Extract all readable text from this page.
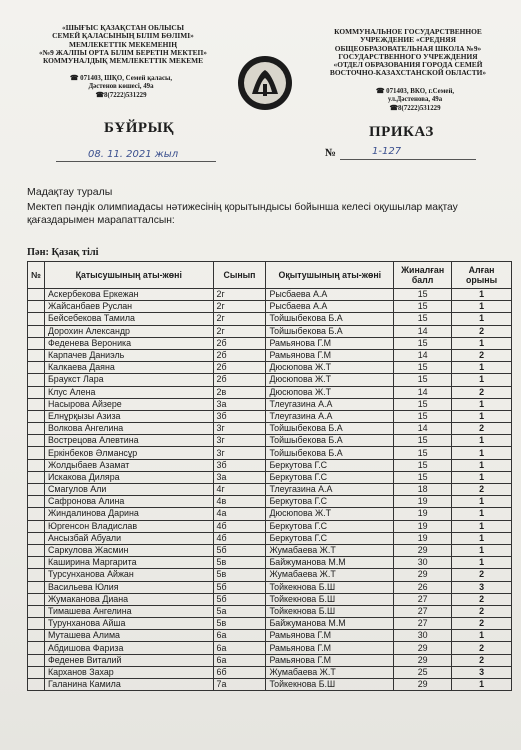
«ШЫҒЫС ҚАЗАҚСТАН ОБЛЫСЫ
СЕМЕЙ ҚАЛАСЫНЫҢ БІЛІМ БӨЛІМІ»
МЕМЛЕКЕТТІК МЕКЕМЕНІҢ
«№9 ЖАЛПЫ ОРТА БІЛІМ БЕРЕТІН МЕКТЕП»
КОММУНАЛДЫҚ МЕМЛЕКЕТТІК МЕКЕМЕ
☎ 071403, ШҚО, Семей қаласы,
Дәстенов көшесі, 49а
☎8(7222)531229
КОММУНАЛЬНОЕ ГОСУДАРСТВЕННОЕ
УЧРЕЖДЕНИЕ «СРЕДНЯЯ
ОБЩЕОБРАЗОВАТЕЛЬНАЯ ШКОЛА №9»
ГОСУДАРСТВЕННОГО УЧРЕЖДЕНИЯ
«ОТДЕЛ ОБРАЗОВАНИЯ ГОРОДА СЕМЕЙ
ВОСТОЧНО-КАЗАХСТАНСКОЙ ОБЛАСТИ»
☎ 071403, ВКО, г.Семей,
ул.Дәстенова, 49а
☎8(7222)531229
БҰЙРЫҚ	ПРИКАЗ
08. 11. 2021 жыл	№	1-127
Мадақтау туралы
Мектеп пәндік олимпиадасы нәтижесінің қорытындысы бойынша келесі оқушылар мақтау қағаздарымен марапатталсын:
Пән: Қазақ тілі
№	Қатысушының аты-жөні	Сынып	Оқытушының аты-жөні	Жиналған балл	Алған орыны
	Аскербекова Еркежан	2г	Рысбаева А.А	15	1
	Жайсанбаев Руслан	2г	Рысбаева А.А	15	1
	Бейсебекова Тамила	2г	Тойшыбекова Б.А	15	1
	Дорохин Александр	2г	Тойшыбекова Б.А	14	2
	Феденева Вероника	2б	Рамьянова Г.М	15	1
	Карпачев Даниэль	2б	Рамьянова Г.М	14	2
	Калкаева Даяна	2б	Дюсюпова Ж.Т	15	1
	Браукст Лара	2б	Дюсюпова Ж.Т	15	1
	Клус Алена	2в	Дюсюпова Ж.Т	14	2
	Насырова Айзере	3а	Тлеугазина А.А	15	1
	Елнұрқызы Азиза	3б	Тлеугазина А.А	15	1
	Волкова Ангелина	3г	Тойшыбекова Б.А	14	2
	Вострецова Алевтина	3г	Тойшыбекова Б.А	15	1
	Еркінбеков Әлмансұр	3г	Тойшыбекова Б.А	15	1
	Жолдыбаев Азамат	3б	Беркутова Г.С	15	1
	Искакова Диляра	3а	Беркутова Г.С	15	1
	Смагулов Али	4г	Тлеугазина А.А	18	2
	Сафронова Алина	4в	Беркутова Г.С	19	1
	Жиндалинова Дарина	4а	Дюсюпова Ж.Т	19	1
	Юргенсон Владислав	4б	Беркутова Г.С	19	1
	Ансызбай Абуали	4б	Беркутова Г.С	19	1
	Саркулова Жасмин	5б	Жумабаева Ж.Т	29	1
	Каширина Маргарита	5в	Байжуманова М.М	30	1
	Турсунханова Айжан	5в	Жумабаева Ж.Т	29	2
	Васильева Юлия	5б	Тойкекнова Б.Ш	26	3
	Жумаканова Диана	5б	Тойкекнова Б.Ш	27	2
	Тимашева Ангелина	5а	Тойкекнова Б.Ш	27	2
	Турунханова Айша	5в	Байжуманова М.М	27	2
	Муташева Алима	6а	Рамьянова Г.М	30	1
	Абдишова Фариза	6а	Рамьянова Г.М	29	2
	Феденев Виталий	6а	Рамьянова Г.М	29	2
	Карханов Захар	6б	Жумабаева Ж.Т	25	3
	Галанина Камила	7а	Тойкекнова Б.Ш	29	1
